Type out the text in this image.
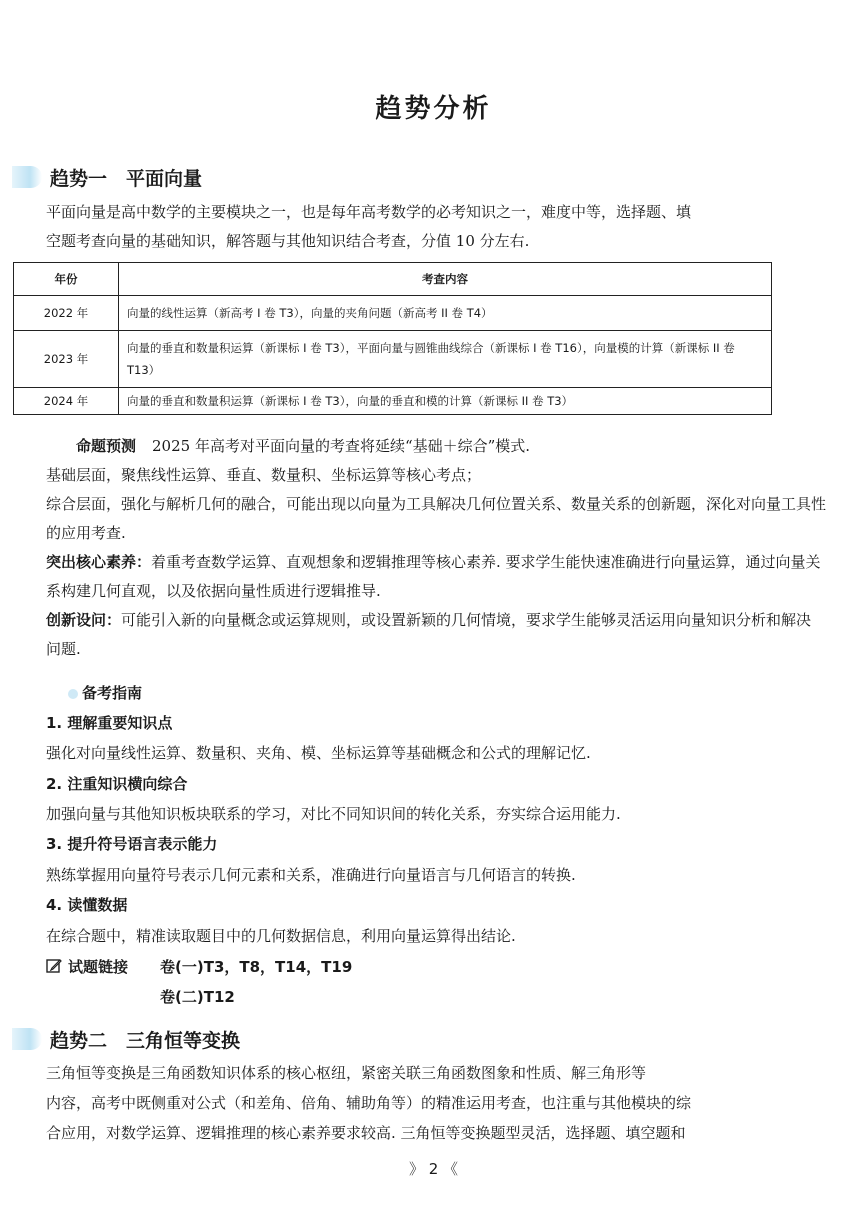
趋势分析
趋势一　平面向量

平面向量是高中数学的主要模块之一，也是每年高考数学的必考知识之一，难度中等，选择题、填

空题考查向量的基础知识，解答题与其他知识结合考查，分值 10 分左右.

年份	考查内容
2022 年	向量的线性运算（新高考 I 卷 T3），向量的夹角问题（新高考 II 卷 T4）
2023 年	向量的垂直和数量积运算（新课标 I 卷 T3），平面向量与圆锥曲线综合（新课标 I 卷 T16），向量模的计算（新课标 II 卷 T13）
2024 年	向量的垂直和数量积运算（新课标 I 卷 T3），向量的垂直和模的计算（新课标 II 卷 T3）

命题预测 2025 年高考对平面向量的考查将延续“基础＋综合”模式.

基础层面，聚焦线性运算、垂直、数量积、坐标运算等核心考点；

综合层面，强化与解析几何的融合，可能出现以向量为工具解决几何位置关系、数量关系的创新题，深化对向量工具性的应用考查.

突出核心素养：着重考查数学运算、直观想象和逻辑推理等核心素养. 要求学生能快速准确进行向量运算，通过向量关系构建几何直观，以及依据向量性质进行逻辑推导.

创新设问：可能引入新的向量概念或运算规则，或设置新颖的几何情境，要求学生能够灵活运用向量知识分析和解决问题.

备考指南
1. 理解重要知识点
强化对向量线性运算、数量积、夹角、模、坐标运算等基础概念和公式的理解记忆.
2. 注重知识横向综合
加强向量与其他知识板块联系的学习，对比不同知识间的转化关系，夯实综合运用能力.
3. 提升符号语言表示能力
熟练掌握用向量符号表示几何元素和关系，准确进行向量语言与几何语言的转换.
4. 读懂数据
在综合题中，精准读取题目中的几何数据信息，利用向量运算得出结论.
试题链接 卷(一)T3，T8，T14，T19
卷(二)T12
趋势二　三角恒等变换

三角恒等变换是三角函数知识体系的核心枢纽，紧密关联三角函数图象和性质、解三角形等

内容，高考中既侧重对公式（和差角、倍角、辅助角等）的精准运用考查，也注重与其他模块的综

合应用，对数学运算、逻辑推理的核心素养要求较高. 三角恒等变换题型灵活，选择题、填空题和

》 2 《
